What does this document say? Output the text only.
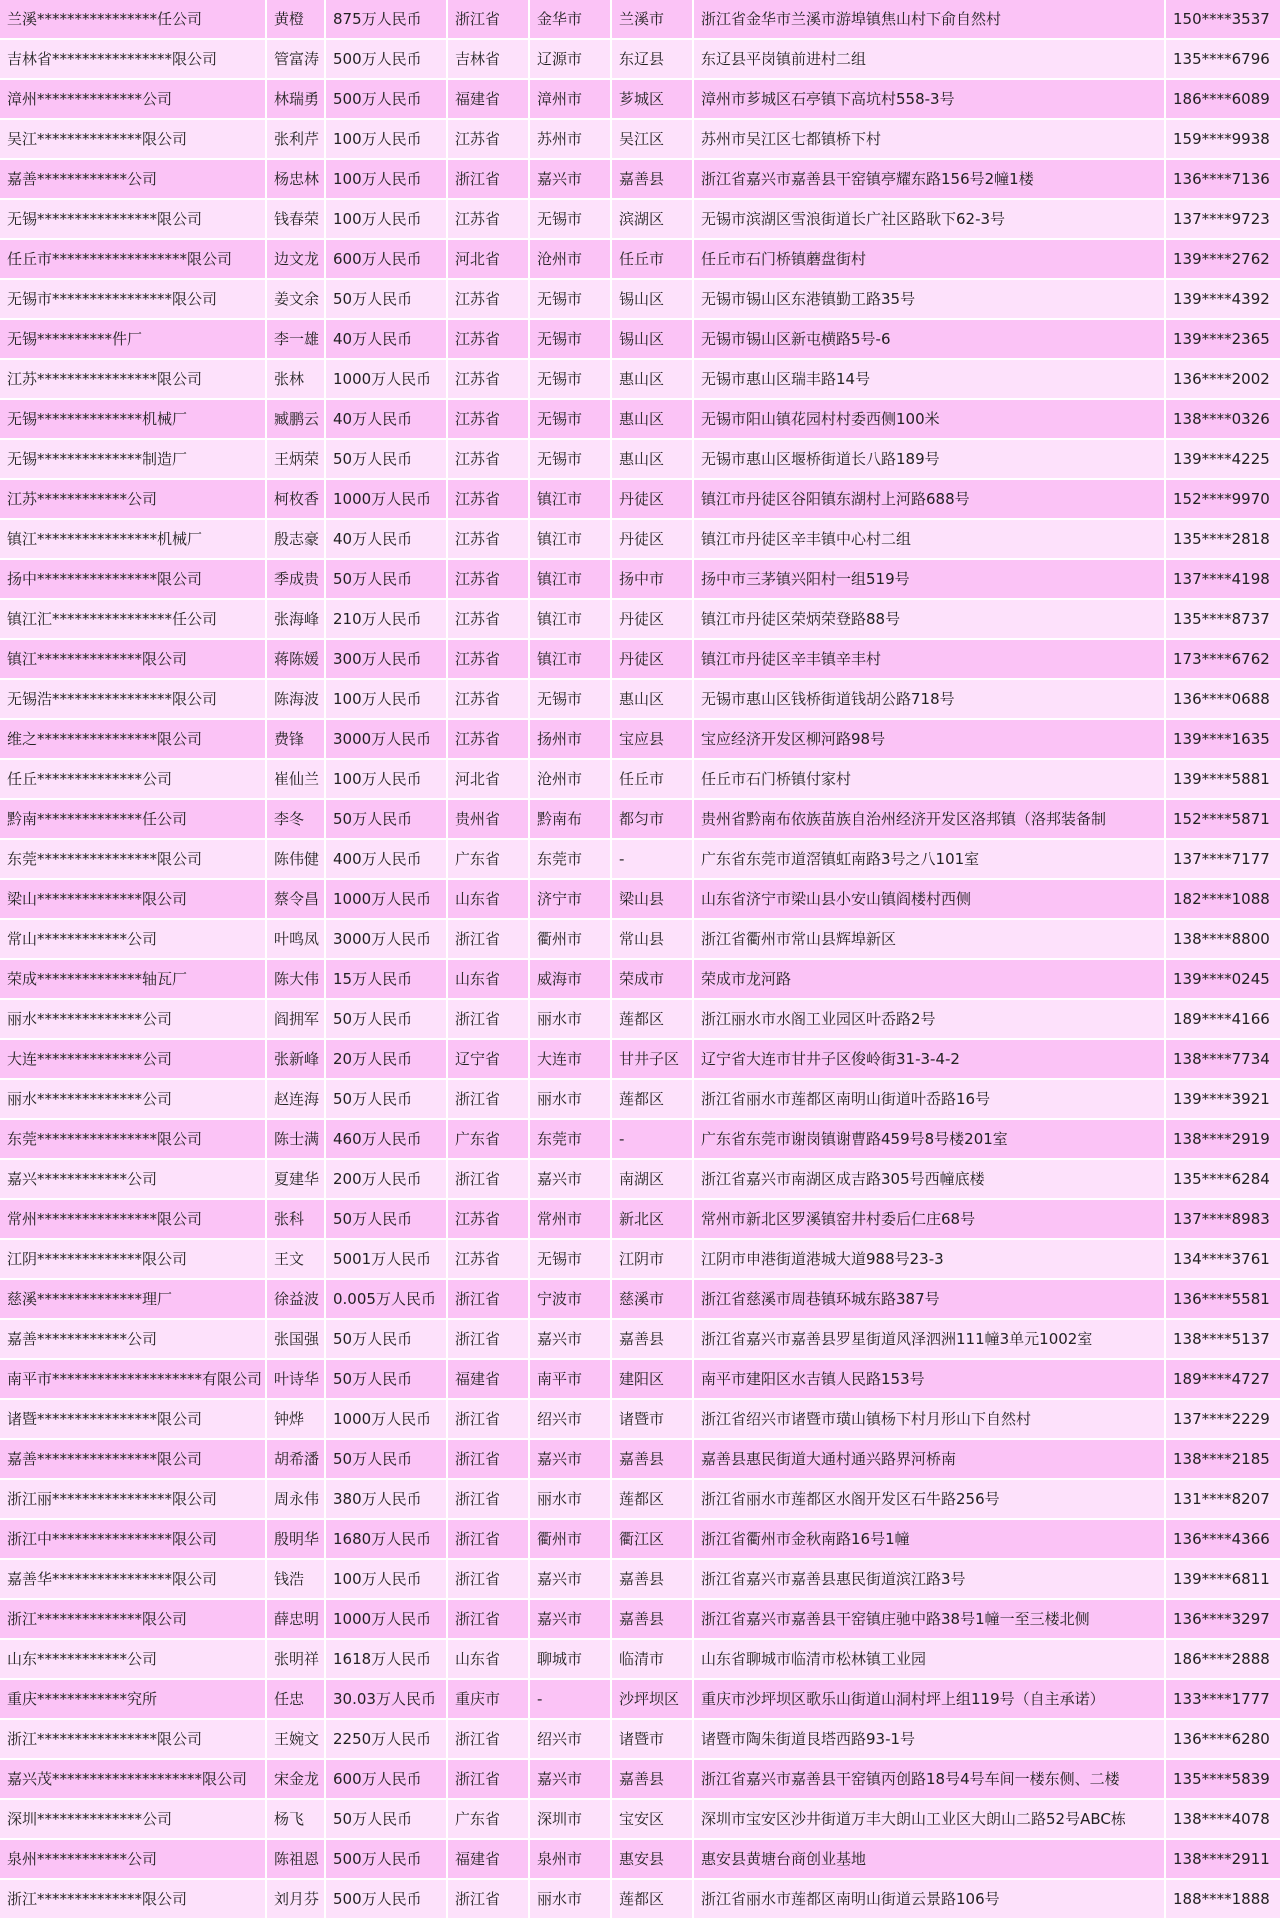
兰溪****************任公司	黄橙	875万人民币	浙江省	金华市	兰溪市	浙江省金华市兰溪市游埠镇焦山村下俞自然村	150****3537
吉林省****************限公司	管富涛	500万人民币	吉林省	辽源市	东辽县	东辽县平岗镇前进村二组	135****6796
漳州**************公司	林瑞勇	500万人民币	福建省	漳州市	芗城区	漳州市芗城区石亭镇下高坑村558-3号	186****6089
吴江**************限公司	张利芹	100万人民币	江苏省	苏州市	吴江区	苏州市吴江区七都镇桥下村	159****9938
嘉善************公司	杨忠林	100万人民币	浙江省	嘉兴市	嘉善县	浙江省嘉兴市嘉善县干窑镇亭耀东路156号2幢1楼	136****7136
无锡****************限公司	钱春荣	100万人民币	江苏省	无锡市	滨湖区	无锡市滨湖区雪浪街道长广社区路耿下62-3号	137****9723
任丘市******************限公司	边文龙	600万人民币	河北省	沧州市	任丘市	任丘市石门桥镇蘑盘街村	139****2762
无锡市****************限公司	姜文余	50万人民币	江苏省	无锡市	锡山区	无锡市锡山区东港镇勤工路35号	139****4392
无锡**********件厂	李一雄	40万人民币	江苏省	无锡市	锡山区	无锡市锡山区新屯横路5号-6	139****2365
江苏****************限公司	张林	1000万人民币	江苏省	无锡市	惠山区	无锡市惠山区瑞丰路14号	136****2002
无锡**************机械厂	臧鹏云	40万人民币	江苏省	无锡市	惠山区	无锡市阳山镇花园村村委西侧100米	138****0326
无锡**************制造厂	王炳荣	50万人民币	江苏省	无锡市	惠山区	无锡市惠山区堰桥街道长八路189号	139****4225
江苏************公司	柯枚香	1000万人民币	江苏省	镇江市	丹徒区	镇江市丹徒区谷阳镇东湖村上河路688号	152****9970
镇江****************机械厂	殷志豪	40万人民币	江苏省	镇江市	丹徒区	镇江市丹徒区辛丰镇中心村二组	135****2818
扬中****************限公司	季成贵	50万人民币	江苏省	镇江市	扬中市	扬中市三茅镇兴阳村一组519号	137****4198
镇江汇****************任公司	张海峰	210万人民币	江苏省	镇江市	丹徒区	镇江市丹徒区荣炳荣登路88号	135****8737
镇江**************限公司	蒋陈媛	300万人民币	江苏省	镇江市	丹徒区	镇江市丹徒区辛丰镇辛丰村	173****6762
无锡浩****************限公司	陈海波	100万人民币	江苏省	无锡市	惠山区	无锡市惠山区钱桥街道钱胡公路718号	136****0688
维之****************限公司	费锋	3000万人民币	江苏省	扬州市	宝应县	宝应经济开发区柳河路98号	139****1635
任丘**************公司	崔仙兰	100万人民币	河北省	沧州市	任丘市	任丘市石门桥镇付家村	139****5881
黔南**************任公司	李冬	50万人民币	贵州省	黔南布	都匀市	贵州省黔南布依族苗族自治州经济开发区洛邦镇（洛邦装备制	152****5871
东莞****************限公司	陈伟健	400万人民币	广东省	东莞市	-	广东省东莞市道滘镇虹南路3号之八101室	137****7177
梁山**************限公司	蔡令昌	1000万人民币	山东省	济宁市	梁山县	山东省济宁市梁山县小安山镇阎楼村西侧	182****1088
常山************公司	叶鸣凤	3000万人民币	浙江省	衢州市	常山县	浙江省衢州市常山县辉埠新区	138****8800
荣成**************轴瓦厂	陈大伟	15万人民币	山东省	威海市	荣成市	荣成市龙河路	139****0245
丽水**************公司	阎拥军	50万人民币	浙江省	丽水市	莲都区	浙江丽水市水阁工业园区叶岙路2号	189****4166
大连**************公司	张新峰	20万人民币	辽宁省	大连市	甘井子区	辽宁省大连市甘井子区俊岭街31-3-4-2	138****7734
丽水**************公司	赵连海	50万人民币	浙江省	丽水市	莲都区	浙江省丽水市莲都区南明山街道叶岙路16号	139****3921
东莞****************限公司	陈士满	460万人民币	广东省	东莞市	-	广东省东莞市谢岗镇谢曹路459号8号楼201室	138****2919
嘉兴************公司	夏建华	200万人民币	浙江省	嘉兴市	南湖区	浙江省嘉兴市南湖区成吉路305号西幢底楼	135****6284
常州****************限公司	张科	50万人民币	江苏省	常州市	新北区	常州市新北区罗溪镇窑井村委后仁庄68号	137****8983
江阴**************限公司	王文	5001万人民币	江苏省	无锡市	江阴市	江阴市申港街道港城大道988号23-3	134****3761
慈溪**************理厂	徐益波	0.005万人民币	浙江省	宁波市	慈溪市	浙江省慈溪市周巷镇环城东路387号	136****5581
嘉善************公司	张国强	50万人民币	浙江省	嘉兴市	嘉善县	浙江省嘉兴市嘉善县罗星街道风泽泗洲111幢3单元1002室	138****5137
南平市********************有限公司	叶诗华	50万人民币	福建省	南平市	建阳区	南平市建阳区水吉镇人民路153号	189****4727
诸暨****************限公司	钟烨	1000万人民币	浙江省	绍兴市	诸暨市	浙江省绍兴市诸暨市璜山镇杨下村月形山下自然村	137****2229
嘉善****************限公司	胡希潘	50万人民币	浙江省	嘉兴市	嘉善县	嘉善县惠民街道大通村通兴路界河桥南	138****2185
浙江丽****************限公司	周永伟	380万人民币	浙江省	丽水市	莲都区	浙江省丽水市莲都区水阁开发区石牛路256号	131****8207
浙江中****************限公司	殷明华	1680万人民币	浙江省	衢州市	衢江区	浙江省衢州市金秋南路16号1幢	136****4366
嘉善华****************限公司	钱浩	100万人民币	浙江省	嘉兴市	嘉善县	浙江省嘉兴市嘉善县惠民街道滨江路3号	139****6811
浙江**************限公司	薛忠明	1000万人民币	浙江省	嘉兴市	嘉善县	浙江省嘉兴市嘉善县干窑镇庄驰中路38号1幢一至三楼北侧	136****3297
山东************公司	张明祥	1618万人民币	山东省	聊城市	临清市	山东省聊城市临清市松林镇工业园	186****2888
重庆************究所	任忠	30.03万人民币	重庆市	-	沙坪坝区	重庆市沙坪坝区歌乐山街道山洞村坪上组119号（自主承诺）	133****1777
浙江****************限公司	王婉文	2250万人民币	浙江省	绍兴市	诸暨市	诸暨市陶朱街道艮塔西路93-1号	136****6280
嘉兴茂********************限公司	宋金龙	600万人民币	浙江省	嘉兴市	嘉善县	浙江省嘉兴市嘉善县干窑镇丙创路18号4号车间一楼东侧、二楼	135****5839
深圳**************公司	杨飞	50万人民币	广东省	深圳市	宝安区	深圳市宝安区沙井街道万丰大朗山工业区大朗山二路52号ABC栋	138****4078
泉州************公司	陈祖恩	500万人民币	福建省	泉州市	惠安县	惠安县黄塘台商创业基地	138****2911
浙江**************限公司	刘月芬	500万人民币	浙江省	丽水市	莲都区	浙江省丽水市莲都区南明山街道云景路106号	188****1888
